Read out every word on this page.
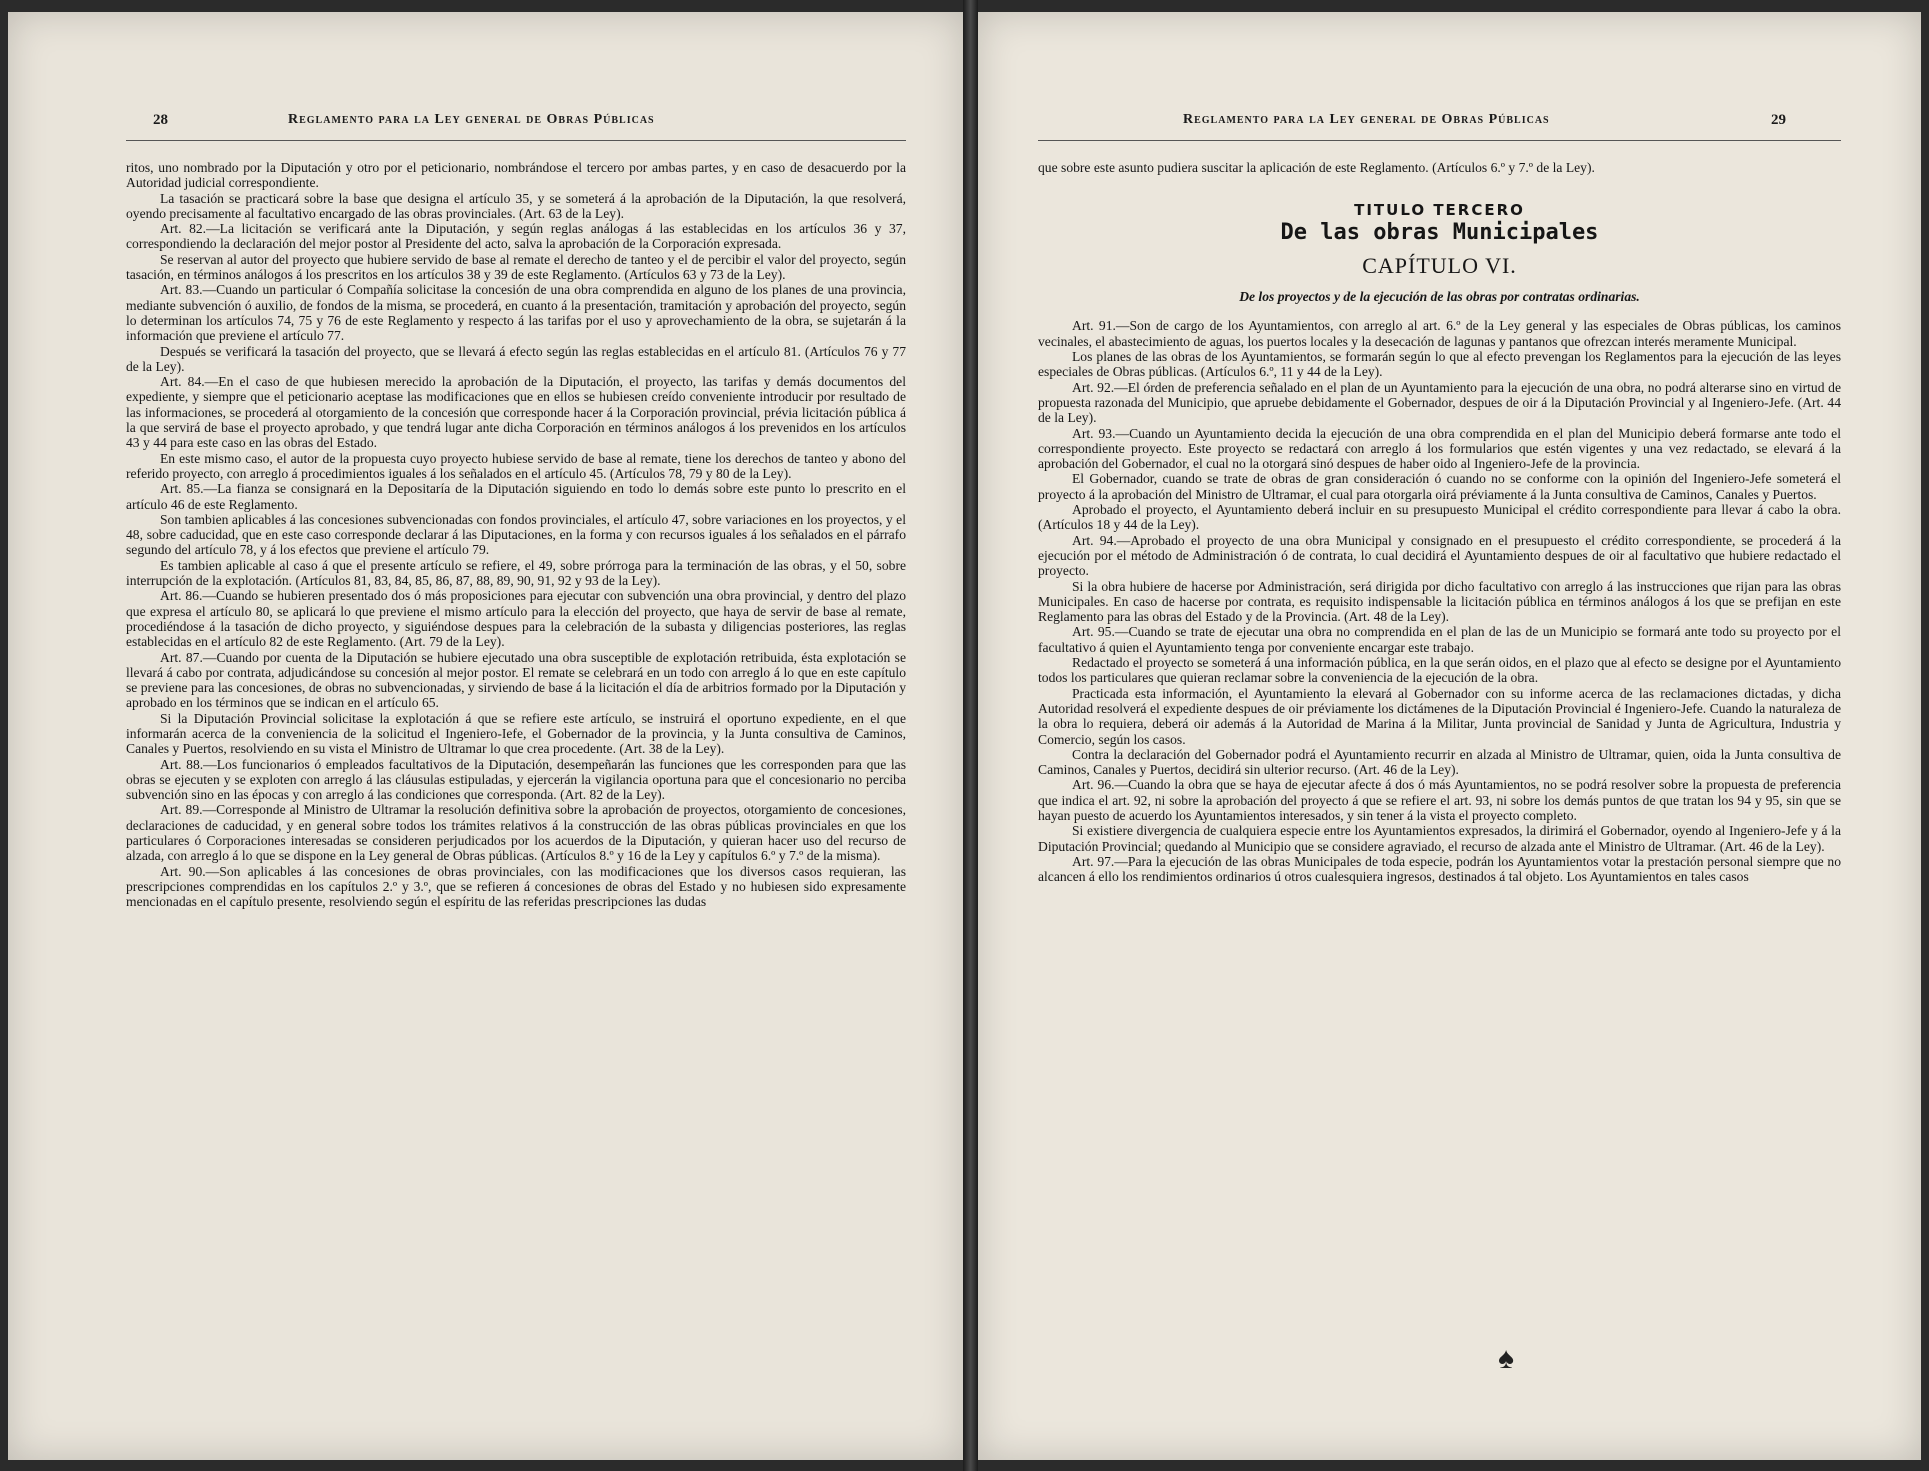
28	Reglamento para la Ley general de Obras Públicas

ritos, uno nombrado por la Diputación y otro por el peticionario, nombrándose el tercero por ambas partes, y en caso de desacuerdo por la Autoridad judicial correspondiente.

La tasación se practicará sobre la base que designa el artículo 35, y se someterá á la aprobación de la Diputación, la que resolverá, oyendo precisamente al facultativo encargado de las obras provinciales. (Art. 63 de la Ley).

Art. 82.—La licitación se verificará ante la Diputación, y según reglas análogas á las establecidas en los artículos 36 y 37, correspondiendo la declaración del mejor postor al Presidente del acto, salva la aprobación de la Corporación expresada.

Se reservan al autor del proyecto que hubiere servido de base al remate el derecho de tanteo y el de percibir el valor del proyecto, según tasación, en términos análogos á los prescritos en los artículos 38 y 39 de este Reglamento. (Artículos 63 y 73 de la Ley).

Art. 83.—Cuando un particular ó Compañía solicitase la concesión de una obra comprendida en alguno de los planes de una provincia, mediante subvención ó auxilio, de fondos de la misma, se procederá, en cuanto á la presentación, tramitación y aprobación del proyecto, según lo determinan los artículos 74, 75 y 76 de este Reglamento y respecto á las tarifas por el uso y aprovechamiento de la obra, se sujetarán á la información que previene el artículo 77.

Después se verificará la tasación del proyecto, que se llevará á efecto según las reglas establecidas en el artículo 81. (Artículos 76 y 77 de la Ley).

Art. 84.—En el caso de que hubiesen merecido la aprobación de la Diputación, el proyecto, las tarifas y demás documentos del expediente, y siempre que el peticionario aceptase las modificaciones que en ellos se hubiesen creído conveniente introducir por resultado de las informaciones, se procederá al otorgamiento de la concesión que corresponde hacer á la Corporación provincial, prévia licitación pública á la que servirá de base el proyecto aprobado, y que tendrá lugar ante dicha Corporación en términos análogos á los prevenidos en los artículos 43 y 44 para este caso en las obras del Estado.

En este mismo caso, el autor de la propuesta cuyo proyecto hubiese servido de base al remate, tiene los derechos de tanteo y abono del referido proyecto, con arreglo á procedimientos iguales á los señalados en el artículo 45. (Artículos 78, 79 y 80 de la Ley).

Art. 85.—La fianza se consignará en la Depositaría de la Diputación siguiendo en todo lo demás sobre este punto lo prescrito en el artículo 46 de este Reglamento.

Son tambien aplicables á las concesiones subvencionadas con fondos provinciales, el artículo 47, sobre variaciones en los proyectos, y el 48, sobre caducidad, que en este caso corresponde declarar á las Diputaciones, en la forma y con recursos iguales á los señalados en el párrafo segundo del artículo 78, y á los efectos que previene el artículo 79.

Es tambien aplicable al caso á que el presente artículo se refiere, el 49, sobre prórroga para la terminación de las obras, y el 50, sobre interrupción de la explotación. (Artículos 81, 83, 84, 85, 86, 87, 88, 89, 90, 91, 92 y 93 de la Ley).

Art. 86.—Cuando se hubieren presentado dos ó más proposiciones para ejecutar con subvención una obra provincial, y dentro del plazo que expresa el artículo 80, se aplicará lo que previene el mismo artículo para la elección del proyecto, que haya de servir de base al remate, procediéndose á la tasación de dicho proyecto, y siguiéndose despues para la celebración de la subasta y diligencias posteriores, las reglas establecidas en el artículo 82 de este Reglamento. (Art. 79 de la Ley).

Art. 87.—Cuando por cuenta de la Diputación se hubiere ejecutado una obra susceptible de explotación retribuida, ésta explotación se llevará á cabo por contrata, adjudicándose su concesión al mejor postor. El remate se celebrará en un todo con arreglo á lo que en este capítulo se previene para las concesiones, de obras no subvencionadas, y sirviendo de base á la licitación el día de arbitrios formado por la Diputación y aprobado en los términos que se indican en el artículo 65.

Si la Diputación Provincial solicitase la explotación á que se refiere este artículo, se instruirá el oportuno expediente, en el que informarán acerca de la conveniencia de la solicitud el Ingeniero-Iefe, el Gobernador de la provincia, y la Junta consultiva de Caminos, Canales y Puertos, resolviendo en su vista el Ministro de Ultramar lo que crea procedente. (Art. 38 de la Ley).

Art. 88.—Los funcionarios ó empleados facultativos de la Diputación, desempeñarán las funciones que les corresponden para que las obras se ejecuten y se exploten con arreglo á las cláusulas estipuladas, y ejercerán la vigilancia oportuna para que el concesionario no perciba subvención sino en las épocas y con arreglo á las condiciones que corresponda. (Art. 82 de la Ley).

Art. 89.—Corresponde al Ministro de Ultramar la resolución definitiva sobre la aprobación de proyectos, otorgamiento de concesiones, declaraciones de caducidad, y en general sobre todos los trámites relativos á la construcción de las obras públicas provinciales en que los particulares ó Corporaciones interesadas se consideren perjudicados por los acuerdos de la Diputación, y quieran hacer uso del recurso de alzada, con arreglo á lo que se dispone en la Ley general de Obras públicas. (Artículos 8.º y 16 de la Ley y capítulos 6.º y 7.º de la misma).

Art. 90.—Son aplicables á las concesiones de obras provinciales, con las modificaciones que los diversos casos requieran, las prescripciones comprendidas en los capítulos 2.º y 3.º, que se refieren á concesiones de obras del Estado y no hubiesen sido expresamente mencionadas en el capítulo presente, resolviendo según el espíritu de las referidas prescripciones las dudas

Reglamento para la Ley general de Obras Públicas	29

que sobre este asunto pudiera suscitar la aplicación de este Reglamento. (Artículos 6.º y 7.º de la Ley).

TITULO TERCERO
De las obras Municipales
CAPÍTULO VI.
De los proyectos y de la ejecución de las obras por contratas ordinarias.

Art. 91.—Son de cargo de los Ayuntamientos, con arreglo al art. 6.º de la Ley general y las especiales de Obras públicas, los caminos vecinales, el abastecimiento de aguas, los puertos locales y la desecación de lagunas y pantanos que ofrezcan interés meramente Municipal.

Los planes de las obras de los Ayuntamientos, se formarán según lo que al efecto prevengan los Reglamentos para la ejecución de las leyes especiales de Obras públicas. (Artículos 6.º, 11 y 44 de la Ley).

Art. 92.—El órden de preferencia señalado en el plan de un Ayuntamiento para la ejecución de una obra, no podrá alterarse sino en virtud de propuesta razonada del Municipio, que apruebe debidamente el Gobernador, despues de oir á la Diputación Provincial y al Ingeniero-Jefe. (Art. 44 de la Ley).

Art. 93.—Cuando un Ayuntamiento decida la ejecución de una obra comprendida en el plan del Municipio deberá formarse ante todo el correspondiente proyecto. Este proyecto se redactará con arreglo á los formularios que estén vigentes y una vez redactado, se elevará á la aprobación del Gobernador, el cual no la otorgará sinó despues de haber oido al Ingeniero-Jefe de la provincia.

El Gobernador, cuando se trate de obras de gran consideración ó cuando no se conforme con la opinión del Ingeniero-Jefe someterá el proyecto á la aprobación del Ministro de Ultramar, el cual para otorgarla oirá préviamente á la Junta consultiva de Caminos, Canales y Puertos.

Aprobado el proyecto, el Ayuntamiento deberá incluir en su presupuesto Municipal el crédito correspondiente para llevar á cabo la obra. (Artículos 18 y 44 de la Ley).

Art. 94.—Aprobado el proyecto de una obra Municipal y consignado en el presupuesto el crédito correspondiente, se procederá á la ejecución por el método de Administración ó de contrata, lo cual decidirá el Ayuntamiento despues de oir al facultativo que hubiere redactado el proyecto.

Si la obra hubiere de hacerse por Administración, será dirigida por dicho facultativo con arreglo á las instrucciones que rijan para las obras Municipales. En caso de hacerse por contrata, es requisito indispensable la licitación pública en términos análogos á los que se prefijan en este Reglamento para las obras del Estado y de la Provincia. (Art. 48 de la Ley).

Art. 95.—Cuando se trate de ejecutar una obra no comprendida en el plan de las de un Municipio se formará ante todo su proyecto por el facultativo á quien el Ayuntamiento tenga por conveniente encargar este trabajo.

Redactado el proyecto se someterá á una información pública, en la que serán oidos, en el plazo que al efecto se designe por el Ayuntamiento todos los particulares que quieran reclamar sobre la conveniencia de la ejecución de la obra.

Practicada esta información, el Ayuntamiento la elevará al Gobernador con su informe acerca de las reclamaciones dictadas, y dicha Autoridad resolverá el expediente despues de oir préviamente los dictámenes de la Diputación Provincial é Ingeniero-Jefe. Cuando la naturaleza de la obra lo requiera, deberá oir además á la Autoridad de Marina á la Militar, Junta provincial de Sanidad y Junta de Agricultura, Industria y Comercio, según los casos.

Contra la declaración del Gobernador podrá el Ayuntamiento recurrir en alzada al Ministro de Ultramar, quien, oida la Junta consultiva de Caminos, Canales y Puertos, decidirá sin ulterior recurso. (Art. 46 de la Ley).

Art. 96.—Cuando la obra que se haya de ejecutar afecte á dos ó más Ayuntamientos, no se podrá resolver sobre la propuesta de preferencia que indica el art. 92, ni sobre la aprobación del proyecto á que se refiere el art. 93, ni sobre los demás puntos de que tratan los 94 y 95, sin que se hayan puesto de acuerdo los Ayuntamientos interesados, y sin tener á la vista el proyecto completo.

Si existiere divergencia de cualquiera especie entre los Ayuntamientos expresados, la dirimirá el Gobernador, oyendo al Ingeniero-Jefe y á la Diputación Provincial; quedando al Municipio que se considere agraviado, el recurso de alzada ante el Ministro de Ultramar. (Art. 46 de la Ley).

Art. 97.—Para la ejecución de las obras Municipales de toda especie, podrán los Ayuntamientos votar la prestación personal siempre que no alcancen á ello los rendimientos ordinarios ú otros cualesquiera ingresos, destinados á tal objeto. Los Ayuntamientos en tales casos

♠
